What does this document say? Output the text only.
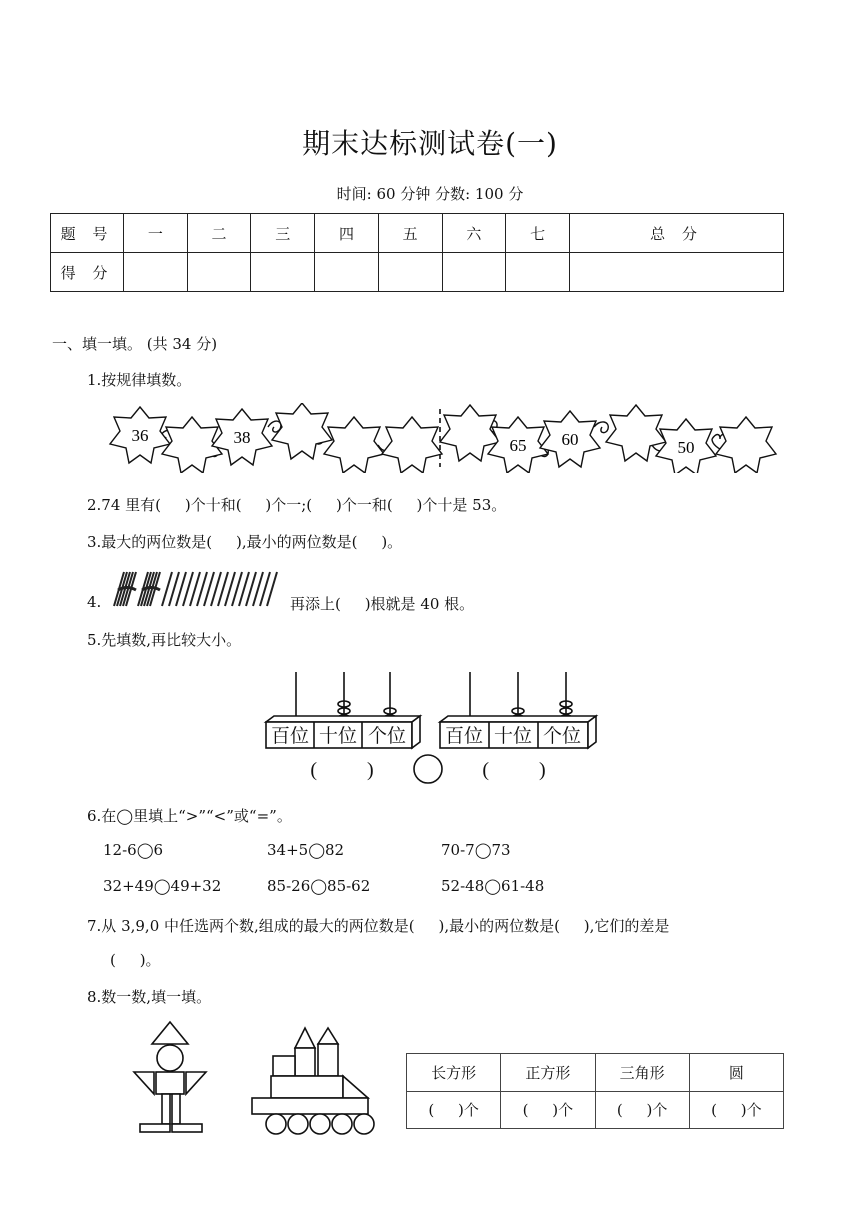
期末达标测试卷(一)
时间: 60 分钟 分数: 100 分
题 号	一	二	三	四	五	六	七	总 分
得 分								
一、填一填。 (共 34 分)
1.按规律填数。
36	38	65 60	50
2.74 里有(     )个十和(     )个一;(     )个一和(     )个十是 53。
3.最大的两位数是(     ),最小的两位数是(     )。
4.	再添上(     )根就是 40 根。
5.先填数,再比较大小。
百位 十位 个位 百位 十位 个位
(          )	(          )
6.在◯里填上“>”“<”或“=”。
12-6◯6	34+5◯82	70-7◯73
32+49◯49+32	85-26◯85-62	52-48◯61-48
7.从 3,9,0 中任选两个数,组成的最大的两位数是(     ),最小的两位数是(     ),它们的差是
(     )。
8.数一数,填一填。
长方形	正方形	三角形	圆
(     )个	(     )个	(     )个	(     )个
